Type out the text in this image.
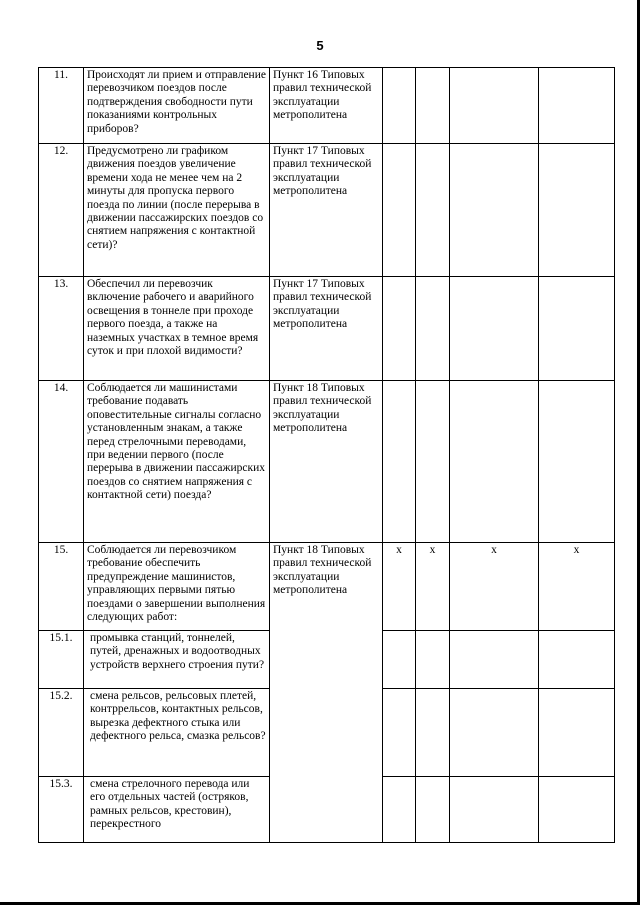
5
11.	Происходят ли прием и отправление перевозчиком поездов после подтверждения свободности пути показаниями контрольных приборов?	Пункт 16 Типовых правил технической эксплуатации метрополитена				
12.	Предусмотрено ли графиком движения поездов увеличение времени хода не менее чем на 2 минуты для пропуска первого поезда по линии (после перерыва в движении пассажирских поездов со снятием напряжения с контактной сети)?	Пункт 17 Типовых правил технической эксплуатации метрополитена				
13.	Обеспечил ли перевозчик включение рабочего и аварийного освещения в тоннеле при проходе первого поезда, а также на наземных участках в темное время суток и при плохой видимости?	Пункт 17 Типовых правил технической эксплуатации метрополитена				
14.	Соблюдается ли машинистами требование подавать оповестительные сигналы согласно установленным знакам, а также перед стрелочными переводами, при ведении первого (после перерыва в движении пассажирских поездов со снятием напряжения с контактной сети) поезда?	Пункт 18 Типовых правил технической эксплуатации метрополитена				
15.	Соблюдается ли перевозчиком требование обеспечить предупреждение машинистов, управляющих первыми пятью поездами о завершении выполнения следующих работ:	Пункт 18 Типовых правил технической эксплуатации метрополитена	х	х	х	х
15.1.	промывка станций, тоннелей, путей, дренажных и водоотводных устройств верхнего строения пути?					
15.2.	смена рельсов, рельсовых плетей, контррельсов, контактных рельсов, вырезка дефектного стыка или дефектного рельса, смазка рельсов?					
15.3.	смена стрелочного перевода или его отдельных частей (остряков, рамных рельсов, крестовин), перекрестного					
